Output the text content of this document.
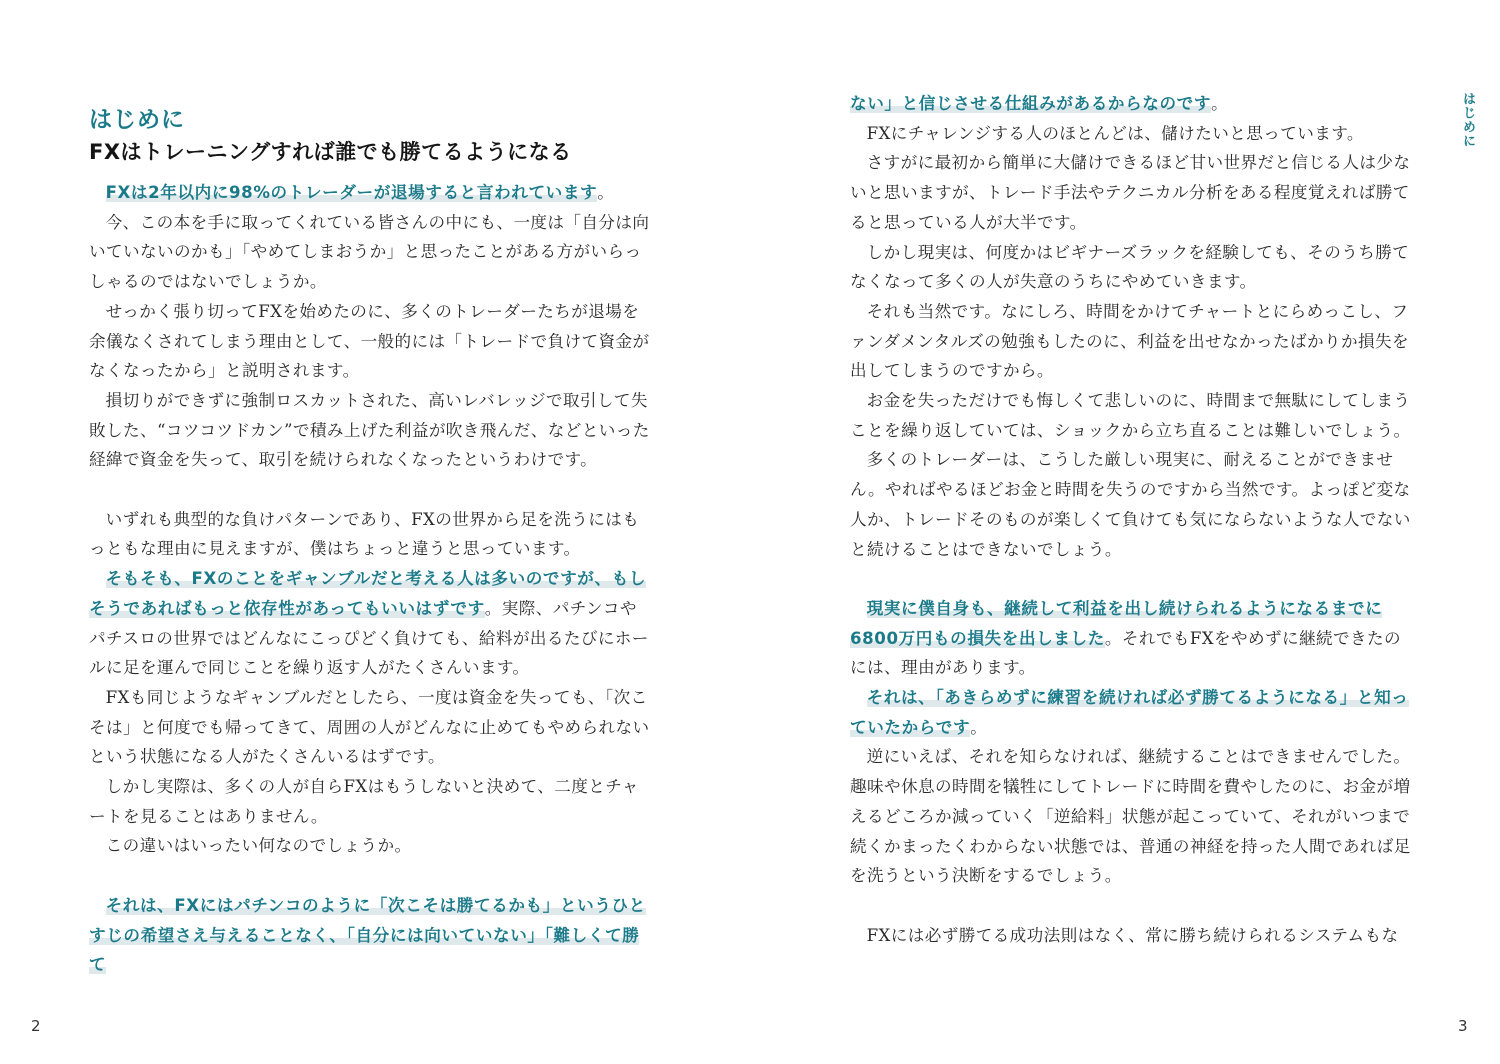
はじめに
FXはトレーニングすれば誰でも勝てるようになる

FXは2年以内に98%のトレーダーが退場すると言われています。

今、この本を手に取ってくれている皆さんの中にも、一度は「自分は向いていないのかも」「やめてしまおうか」と思ったことがある方がいらっしゃるのではないでしょうか。

せっかく張り切ってFXを始めたのに、多くのトレーダーたちが退場を余儀なくされてしまう理由として、一般的には「トレードで負けて資金がなくなったから」と説明されます。

損切りができずに強制ロスカットされた、高いレバレッジで取引して失敗した、“コツコツドカン”で積み上げた利益が吹き飛んだ、などといった経緯で資金を失って、取引を続けられなくなったというわけです。

いずれも典型的な負けパターンであり、FXの世界から足を洗うにはもっともな理由に見えますが、僕はちょっと違うと思っています。

そもそも、FXのことをギャンブルだと考える人は多いのですが、もしそうであればもっと依存性があってもいいはずです。実際、パチンコやパチスロの世界ではどんなにこっぴどく負けても、給料が出るたびにホールに足を運んで同じことを繰り返す人がたくさんいます。

FXも同じようなギャンブルだとしたら、一度は資金を失っても、「次こそは」と何度でも帰ってきて、周囲の人がどんなに止めてもやめられないという状態になる人がたくさんいるはずです。

しかし実際は、多くの人が自らFXはもうしないと決めて、二度とチャートを見ることはありません。

この違いはいったい何なのでしょうか。

それは、FXにはパチンコのように「次こそは勝てるかも」というひとすじの希望さえ与えることなく、「自分には向いていない」「難しくて勝て

2
はじめに

ない」と信じさせる仕組みがあるからなのです。

FXにチャレンジする人のほとんどは、儲けたいと思っています。

さすがに最初から簡単に大儲けできるほど甘い世界だと信じる人は少ないと思いますが、トレード手法やテクニカル分析をある程度覚えれば勝てると思っている人が大半です。

しかし現実は、何度かはビギナーズラックを経験しても、そのうち勝てなくなって多くの人が失意のうちにやめていきます。

それも当然です。なにしろ、時間をかけてチャートとにらめっこし、ファンダメンタルズの勉強もしたのに、利益を出せなかったばかりか損失を出してしまうのですから。

お金を失っただけでも悔しくて悲しいのに、時間まで無駄にしてしまうことを繰り返していては、ショックから立ち直ることは難しいでしょう。

多くのトレーダーは、こうした厳しい現実に、耐えることができません。やればやるほどお金と時間を失うのですから当然です。よっぽど変な人か、トレードそのものが楽しくて負けても気にならないような人でないと続けることはできないでしょう。

現実に僕自身も、継続して利益を出し続けられるようになるまでに6800万円もの損失を出しました。それでもFXをやめずに継続できたのには、理由があります。

それは、「あきらめずに練習を続ければ必ず勝てるようになる」と知っていたからです。

逆にいえば、それを知らなければ、継続することはできませんでした。趣味や休息の時間を犠牲にしてトレードに時間を費やしたのに、お金が増えるどころか減っていく「逆給料」状態が起こっていて、それがいつまで続くかまったくわからない状態では、普通の神経を持った人間であれば足を洗うという決断をするでしょう。

FXには必ず勝てる成功法則はなく、常に勝ち続けられるシステムもな

3
